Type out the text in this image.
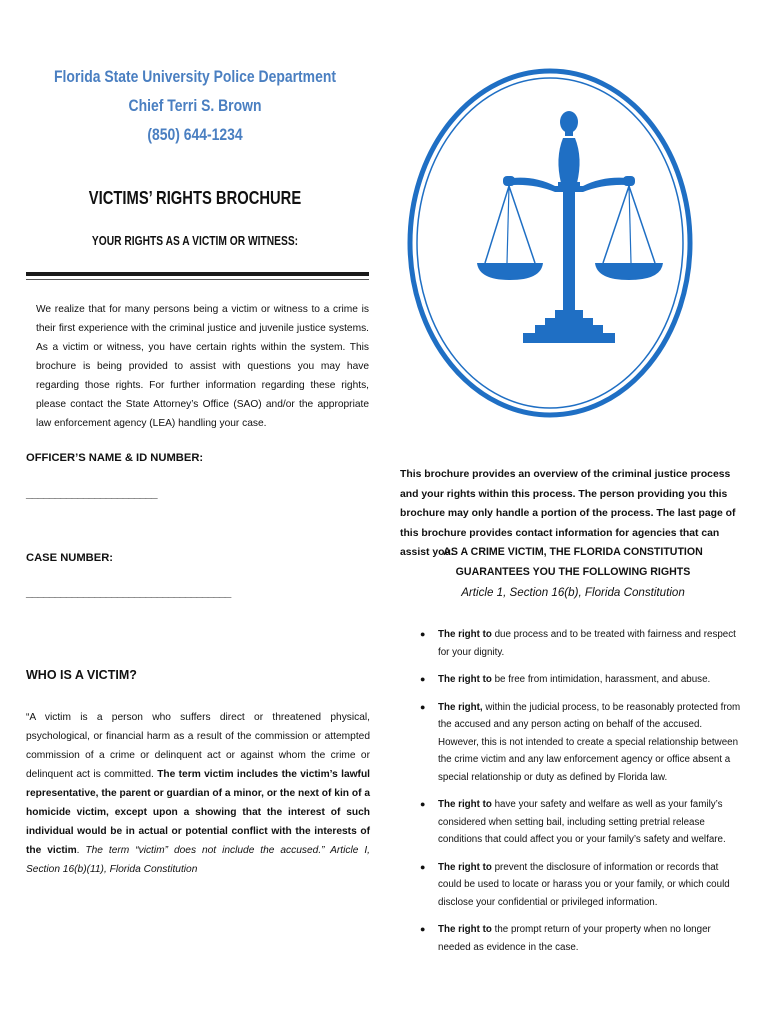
Florida State University Police Department
Chief Terri S. Brown
(850) 644-1234
VICTIMS’ RIGHTS BROCHURE
YOUR RIGHTS AS A VICTIM OR WITNESS:
We realize that for many persons being a victim or witness to a crime is their first experience with the criminal justice and juvenile justice systems. As a victim or witness, you have certain rights within the system. This brochure is being provided to assist with questions you may have regarding those rights. For further information regarding these rights, please contact the State Attorney’s Office (SAO) and/or the appropriate law enforcement agency (LEA) handling your case.
OFFICER’S NAME & ID NUMBER:
_______________________
CASE NUMBER:
____________________________________
WHO IS A VICTIM?
“A victim is a person who suffers direct or threatened physical, psychological, or financial harm as a result of the commission or attempted commission of a crime or delinquent act or against whom the crime or delinquent act is committed. The term victim includes the victim’s lawful representative, the parent or guardian of a minor, or the next of kin of a homicide victim, except upon a showing that the interest of such individual would be in actual or potential conflict with the interests of the victim. The term “victim” does not include the accused.” Article I, Section 16(b)(11), Florida Constitution
This brochure provides an overview of the criminal justice process and your rights within this process. The person providing you this brochure may only handle a portion of the process. The last page of this brochure provides contact information for agencies that can assist you.
AS A CRIME VICTIM, THE FLORIDA CONSTITUTION GUARANTEES YOU THE FOLLOWING RIGHTS
Article 1, Section 16(b), Florida Constitution
● The right to due process and to be treated with fairness and respect for your dignity.
● The right to be free from intimidation, harassment, and abuse.
● The right, within the judicial process, to be reasonably protected from the accused and any person acting on behalf of the accused. However, this is not intended to create a special relationship between the crime victim and any law enforcement agency or office absent a special relationship or duty as defined by Florida law.
● The right to have your safety and welfare as well as your family’s considered when setting bail, including setting pretrial release conditions that could affect you or your family’s safety and welfare.
● The right to prevent the disclosure of information or records that could be used to locate or harass you or your family, or which could disclose your confidential or privileged information.
● The right to the prompt return of your property when no longer needed as evidence in the case.
